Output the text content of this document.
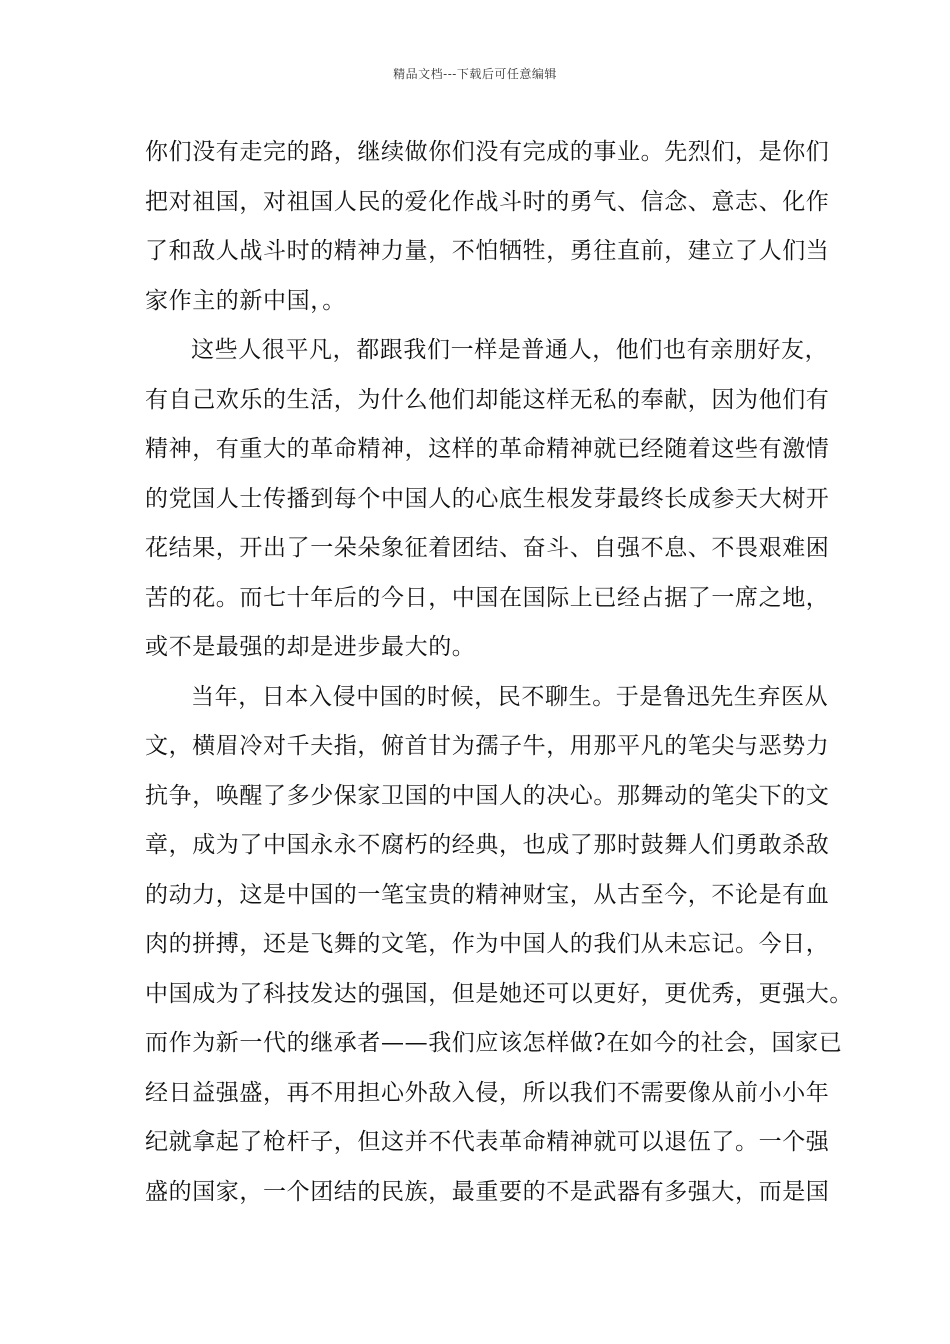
精品文档---下载后可任意编辑
你们没有走完的路，继续做你们没有完成的事业。先烈们，是你们
把对祖国，对祖国人民的爱化作战斗时的勇气、信念、意志、化作
了和敌人战斗时的精神力量，不怕牺牲，勇往直前，建立了人们当
家作主的新中国，。
这些人很平凡，都跟我们一样是普通人，他们也有亲朋好友，
有自己欢乐的生活，为什么他们却能这样无私的奉献，因为他们有
精神，有重大的革命精神，这样的革命精神就已经随着这些有激情
的党国人士传播到每个中国人的心底生根发芽最终长成参天大树开
花结果，开出了一朵朵象征着团结、奋斗、自强不息、不畏艰难困
苦的花。而七十年后的今日，中国在国际上已经占据了一席之地，
或不是最强的却是进步最大的。
当年，日本入侵中国的时候，民不聊生。于是鲁迅先生弃医从
文，横眉冷对千夫指，俯首甘为孺子牛，用那平凡的笔尖与恶势力
抗争，唤醒了多少保家卫国的中国人的决心。那舞动的笔尖下的文
章，成为了中国永永不腐朽的经典，也成了那时鼓舞人们勇敢杀敌
的动力，这是中国的一笔宝贵的精神财宝，从古至今，不论是有血
肉的拼搏，还是飞舞的文笔，作为中国人的我们从未忘记。今日，
中国成为了科技发达的强国，但是她还可以更好，更优秀，更强大。
而作为新一代的继承者——我们应该怎样做?在如今的社会，国家已
经日益强盛，再不用担心外敌入侵，所以我们不需要像从前小小年
纪就拿起了枪杆子，但这并不代表革命精神就可以退伍了。一个强
盛的国家，一个团结的民族，最重要的不是武器有多强大，而是国
